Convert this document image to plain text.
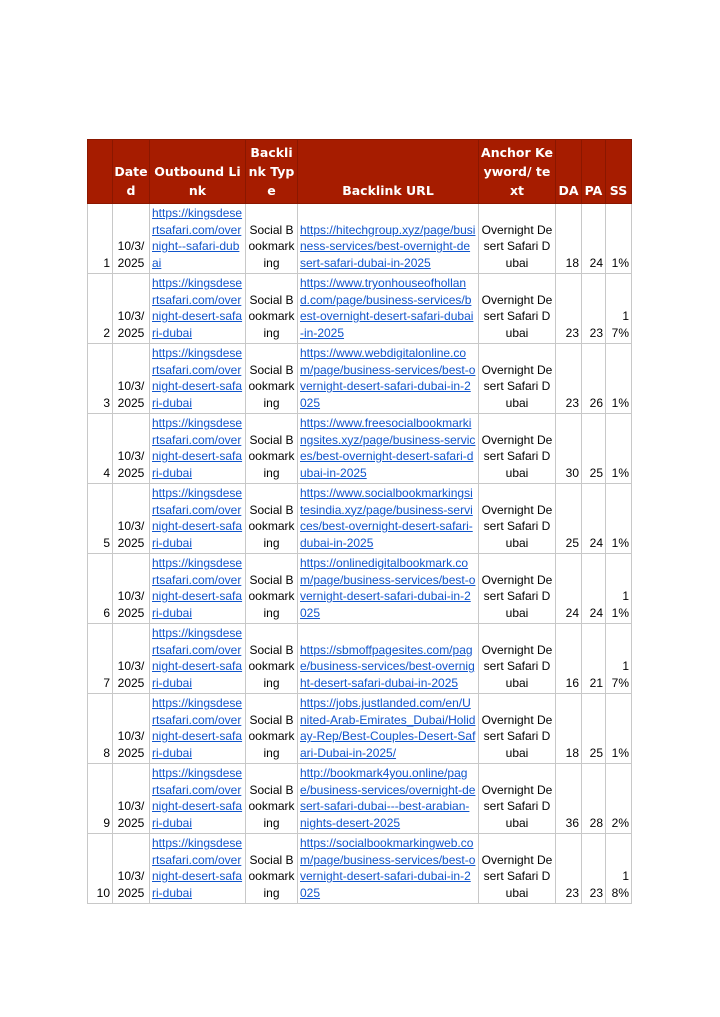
	Dated	Outbound Link	Backlink Type	Backlink URL	Anchor Keyword/ text	DA	PA	SS
1	10/3/2025	https://kingsdesertsafari.com/overnight--safari-dubai	Social Bookmarking	https://hitechgroup.xyz/page/business-services/best-overnight-desert-safari-dubai-in-2025	Overnight Desert Safari Dubai	18	24	1%
2	10/3/2025	https://kingsdesertsafari.com/overnight-desert-safari-dubai	Social Bookmarking	https://www.tryonhouseofholland.com/page/business-services/best-overnight-desert-safari-dubai-in-2025	Overnight Desert Safari Dubai	23	23	17%
3	10/3/2025	https://kingsdesertsafari.com/overnight-desert-safari-dubai	Social Bookmarking	https://www.webdigitalonline.com/page/business-services/best-overnight-desert-safari-dubai-in-2025	Overnight Desert Safari Dubai	23	26	1%
4	10/3/2025	https://kingsdesertsafari.com/overnight-desert-safari-dubai	Social Bookmarking	https://www.freesocialbookmarkingsites.xyz/page/business-services/best-overnight-desert-safari-dubai-in-2025	Overnight Desert Safari Dubai	30	25	1%
5	10/3/2025	https://kingsdesertsafari.com/overnight-desert-safari-dubai	Social Bookmarking	https://www.socialbookmarkingsitesindia.xyz/page/business-services/best-overnight-desert-safari-dubai-in-2025	Overnight Desert Safari Dubai	25	24	1%
6	10/3/2025	https://kingsdesertsafari.com/overnight-desert-safari-dubai	Social Bookmarking	https://onlinedigitalbookmark.com/page/business-services/best-overnight-desert-safari-dubai-in-2025	Overnight Desert Safari Dubai	24	24	11%
7	10/3/2025	https://kingsdesertsafari.com/overnight-desert-safari-dubai	Social Bookmarking	https://sbmoffpagesites.com/page/business-services/best-overnight-desert-safari-dubai-in-2025	Overnight Desert Safari Dubai	16	21	17%
8	10/3/2025	https://kingsdesertsafari.com/overnight-desert-safari-dubai	Social Bookmarking	https://jobs.justlanded.com/en/United-Arab-Emirates_Dubai/Holiday-Rep/Best-Couples-Desert-Safari-Dubai-in-2025/	Overnight Desert Safari Dubai	18	25	1%
9	10/3/2025	https://kingsdesertsafari.com/overnight-desert-safari-dubai	Social Bookmarking	http://bookmark4you.online/page/business-services/overnight-desert-safari-dubai---best-arabian-nights-desert-2025	Overnight Desert Safari Dubai	36	28	2%
10	10/3/2025	https://kingsdesertsafari.com/overnight-desert-safari-dubai	Social Bookmarking	https://socialbookmarkingweb.com/page/business-services/best-overnight-desert-safari-dubai-in-2025	Overnight Desert Safari Dubai	23	23	18%
